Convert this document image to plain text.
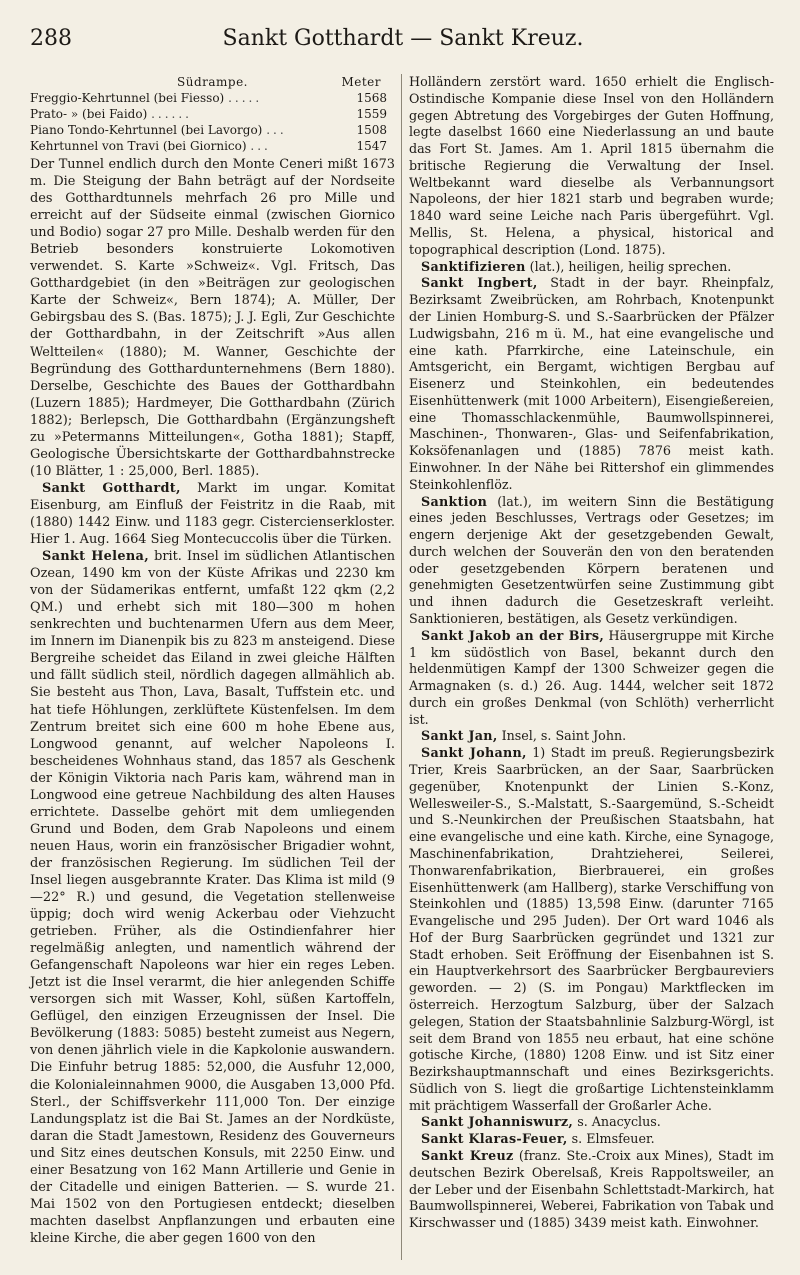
288	Sankt Gotthardt — Sankt Kreuz.
Südrampe.	Meter
Freggio-Kehrtunnel (bei Fiesso) .....	1568
Prato- » (bei Faido) ......	1559
Piano Tondo-Kehrtunnel (bei Lavorgo) ...	1508
Kehrtunnel von Travi (bei Giornico) ...	1547

Der Tunnel endlich durch den Monte Ceneri mißt 1673 m. Die Steigung der Bahn beträgt auf der Nordseite des Gotthardtunnels mehrfach 26 pro Mille und erreicht auf der Südseite einmal (zwischen Giornico und Bodio) sogar 27 pro Mille. Deshalb werden für den Betrieb besonders konstruierte Lokomotiven verwendet. S. Karte »Schweiz«. Vgl. Fritsch, Das Gotthardgebiet (in den »Beiträgen zur geologischen Karte der Schweiz«, Bern 1874); A. Müller, Der Gebirgsbau des S. (Bas. 1875); J. J. Egli, Zur Geschichte der Gotthardbahn, in der Zeitschrift »Aus allen Weltteilen« (1880); M. Wanner, Geschichte der Begründung des Gotthardunternehmens (Bern 1880). Derselbe, Geschichte des Baues der Gotthardbahn (Luzern 1885); Hardmeyer, Die Gotthardbahn (Zürich 1882); Berlepsch, Die Gotthardbahn (Ergänzungsheft zu »Petermanns Mitteilungen«, Gotha 1881); Stapff, Geologische Übersichtskarte der Gotthardbahnstrecke (10 Blätter, 1 : 25,000, Berl. 1885).

Sankt Gotthardt, Markt im ungar. Komitat Eisenburg, am Einfluß der Feistritz in die Raab, mit (1880) 1442 Einw. und 1183 gegr. Cistercienserkloster. Hier 1. Aug. 1664 Sieg Montecuccolis über die Türken.

Sankt Helena, brit. Insel im südlichen Atlantischen Ozean, 1490 km von der Küste Afrikas und 2230 km von der Südamerikas entfernt, umfaßt 122 qkm (2,2 QM.) und erhebt sich mit 180—300 m hohen senkrechten und buchtenarmen Ufern aus dem Meer, im Innern im Dianenpik bis zu 823 m ansteigend. Diese Bergreihe scheidet das Eiland in zwei gleiche Hälften und fällt südlich steil, nördlich dagegen allmählich ab. Sie besteht aus Thon, Lava, Basalt, Tuffstein etc. und hat tiefe Höhlungen, zerklüftete Küstenfelsen. Im dem Zentrum breitet sich eine 600 m hohe Ebene aus, Longwood genannt, auf welcher Napoleons I. bescheidenes Wohnhaus stand, das 1857 als Geschenk der Königin Viktoria nach Paris kam, während man in Longwood eine getreue Nachbildung des alten Hauses errichtete. Dasselbe gehört mit dem umliegenden Grund und Boden, dem Grab Napoleons und einem neuen Haus, worin ein französischer Brigadier wohnt, der französischen Regierung. Im südlichen Teil der Insel liegen ausgebrannte Krater. Das Klima ist mild (9—22° R.) und gesund, die Vegetation stellenweise üppig; doch wird wenig Ackerbau oder Viehzucht getrieben. Früher, als die Ostindienfahrer hier regelmäßig anlegten, und namentlich während der Gefangenschaft Napoleons war hier ein reges Leben. Jetzt ist die Insel verarmt, die hier anlegenden Schiffe versorgen sich mit Wasser, Kohl, süßen Kartoffeln, Geflügel, den einzigen Erzeugnissen der Insel. Die Bevölkerung (1883: 5085) besteht zumeist aus Negern, von denen jährlich viele in die Kapkolonie auswandern. Die Einfuhr betrug 1885: 52,000, die Ausfuhr 12,000, die Kolonialeinnahmen 9000, die Ausgaben 13,000 Pfd. Sterl., der Schiffsverkehr 111,000 Ton. Der einzige Landungsplatz ist die Bai St. James an der Nordküste, daran die Stadt Jamestown, Residenz des Gouverneurs und Sitz eines deutschen Konsuls, mit 2250 Einw. und einer Besatzung von 162 Mann Artillerie und Genie in der Citadelle und einigen Batterien. — S. wurde 21. Mai 1502 von den Portugiesen entdeckt; dieselben machten daselbst Anpflanzungen und erbauten eine kleine Kirche, die aber gegen 1600 von den

Holländern zerstört ward. 1650 erhielt die Englisch-Ostindische Kompanie diese Insel von den Holländern gegen Abtretung des Vorgebirges der Guten Hoffnung, legte daselbst 1660 eine Niederlassung an und baute das Fort St. James. Am 1. April 1815 übernahm die britische Regierung die Verwaltung der Insel. Weltbekannt ward dieselbe als Verbannungsort Napoleons, der hier 1821 starb und begraben wurde; 1840 ward seine Leiche nach Paris übergeführt. Vgl. Mellis, St. Helena, a physical, historical and topographical description (Lond. 1875).

Sanktifizieren (lat.), heiligen, heilig sprechen.

Sankt Ingbert, Stadt in der bayr. Rheinpfalz, Bezirksamt Zweibrücken, am Rohrbach, Knotenpunkt der Linien Homburg-S. und S.-Saarbrücken der Pfälzer Ludwigsbahn, 216 m ü. M., hat eine evangelische und eine kath. Pfarrkirche, eine Lateinschule, ein Amtsgericht, ein Bergamt, wichtigen Bergbau auf Eisenerz und Steinkohlen, ein bedeutendes Eisenhüttenwerk (mit 1000 Arbeitern), Eisengießereien, eine Thomasschlackenmühle, Baumwollspinnerei, Maschinen-, Thonwaren-, Glas- und Seifenfabrikation, Koksöfenanlagen und (1885) 7876 meist kath. Einwohner. In der Nähe bei Rittershof ein glimmendes Steinkohlenflöz.

Sanktion (lat.), im weitern Sinn die Bestätigung eines jeden Beschlusses, Vertrags oder Gesetzes; im engern derjenige Akt der gesetzgebenden Gewalt, durch welchen der Souverän den von den beratenden oder gesetzgebenden Körpern beratenen und genehmigten Gesetzentwürfen seine Zustimmung gibt und ihnen dadurch die Gesetzeskraft verleiht. Sanktionieren, bestätigen, als Gesetz verkündigen.

Sankt Jakob an der Birs, Häusergruppe mit Kirche 1 km südöstlich von Basel, bekannt durch den heldenmütigen Kampf der 1300 Schweizer gegen die Armagnaken (s. d.) 26. Aug. 1444, welcher seit 1872 durch ein großes Denkmal (von Schlöth) verherrlicht ist.

Sankt Jan, Insel, s. Saint John.

Sankt Johann, 1) Stadt im preuß. Regierungsbezirk Trier, Kreis Saarbrücken, an der Saar, Saarbrücken gegenüber, Knotenpunkt der Linien S.-Konz, Wellesweiler-S., S.-Malstatt, S.-Saargemünd, S.-Scheidt und S.-Neunkirchen der Preußischen Staatsbahn, hat eine evangelische und eine kath. Kirche, eine Synagoge, Maschinenfabrikation, Drahtzieherei, Seilerei, Thonwarenfabrikation, Bierbrauerei, ein großes Eisenhüttenwerk (am Hallberg), starke Verschiffung von Steinkohlen und (1885) 13,598 Einw. (darunter 7165 Evangelische und 295 Juden). Der Ort ward 1046 als Hof der Burg Saarbrücken gegründet und 1321 zur Stadt erhoben. Seit Eröffnung der Eisenbahnen ist S. ein Hauptverkehrsort des Saarbrücker Bergbaureviers geworden. — 2) (S. im Pongau) Marktflecken im österreich. Herzogtum Salzburg, über der Salzach gelegen, Station der Staatsbahnlinie Salzburg-Wörgl, ist seit dem Brand von 1855 neu erbaut, hat eine schöne gotische Kirche, (1880) 1208 Einw. und ist Sitz einer Bezirkshauptmannschaft und eines Bezirksgerichts. Südlich von S. liegt die großartige Lichtensteinklamm mit prächtigem Wasserfall der Großarler Ache.

Sankt Johanniswurz, s. Anacyclus.

Sankt Klaras-Feuer, s. Elmsfeuer.

Sankt Kreuz (franz. Ste.-Croix aux Mines), Stadt im deutschen Bezirk Oberelsaß, Kreis Rappoltsweiler, an der Leber und der Eisenbahn Schlettstadt-Markirch, hat Baumwollspinnerei, Weberei, Fabrikation von Tabak und Kirschwasser und (1885) 3439 meist kath. Einwohner.
